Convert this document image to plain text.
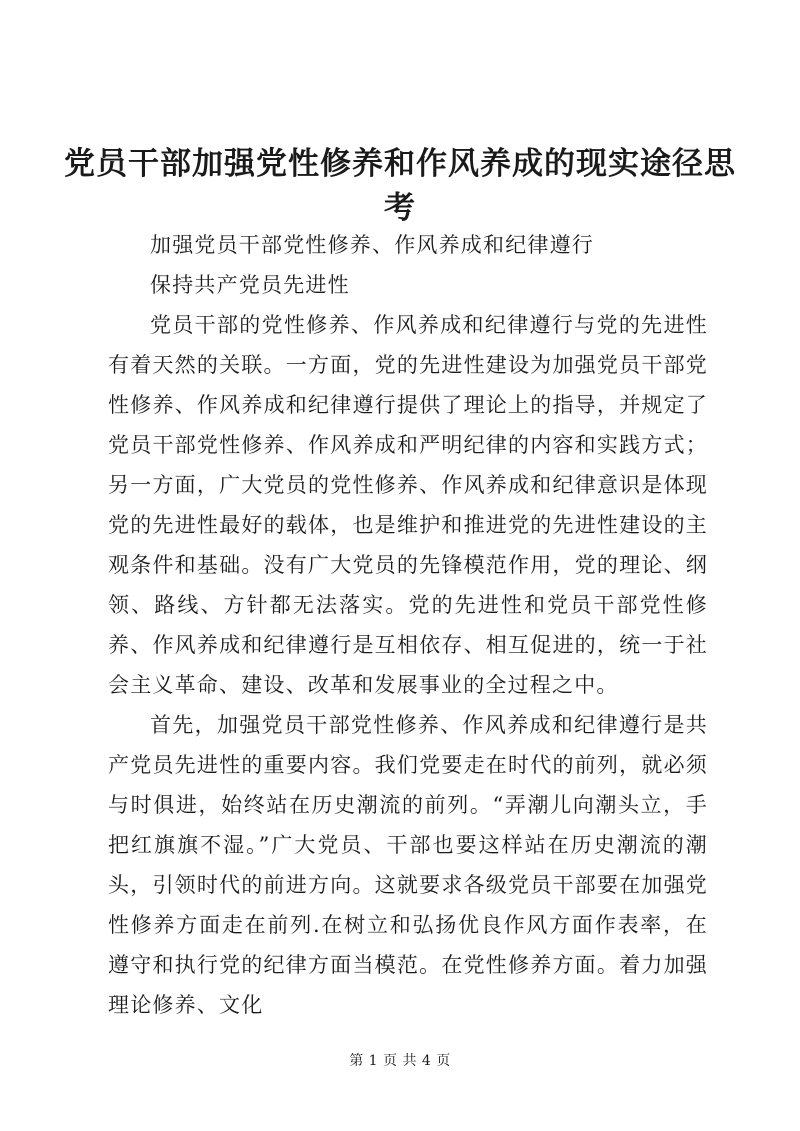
党员干部加强党性修养和作风养成的现实途径思考

加强党员干部党性修养、作风养成和纪律遵行

保持共产党员先进性

党员干部的党性修养、作风养成和纪律遵行与党的先进性有着天然的关联。一方面，党的先进性建设为加强党员干部党性修养、作风养成和纪律遵行提供了理论上的指导，并规定了党员干部党性修养、作风养成和严明纪律的内容和实践方式；另一方面，广大党员的党性修养、作风养成和纪律意识是体现党的先进性最好的载体，也是维护和推进党的先进性建设的主观条件和基础。没有广大党员的先锋模范作用，党的理论、纲领、路线、方针都无法落实。党的先进性和党员干部党性修养、作风养成和纪律遵行是互相依存、相互促进的，统一于社会主义革命、建设、改革和发展事业的全过程之中。

首先，加强党员干部党性修养、作风养成和纪律遵行是共产党员先进性的重要内容。我们党要走在时代的前列，就必须与时俱进，始终站在历史潮流的前列。“弄潮儿向潮头立，手把红旗旗不湿。”广大党员、干部也要这样站在历史潮流的潮头，引领时代的前进方向。这就要求各级党员干部要在加强党性修养方面走在前列.在树立和弘扬优良作风方面作表率，在遵守和执行党的纪律方面当模范。在党性修养方面。着力加强理论修养、文化

第 1 页 共 4 页
